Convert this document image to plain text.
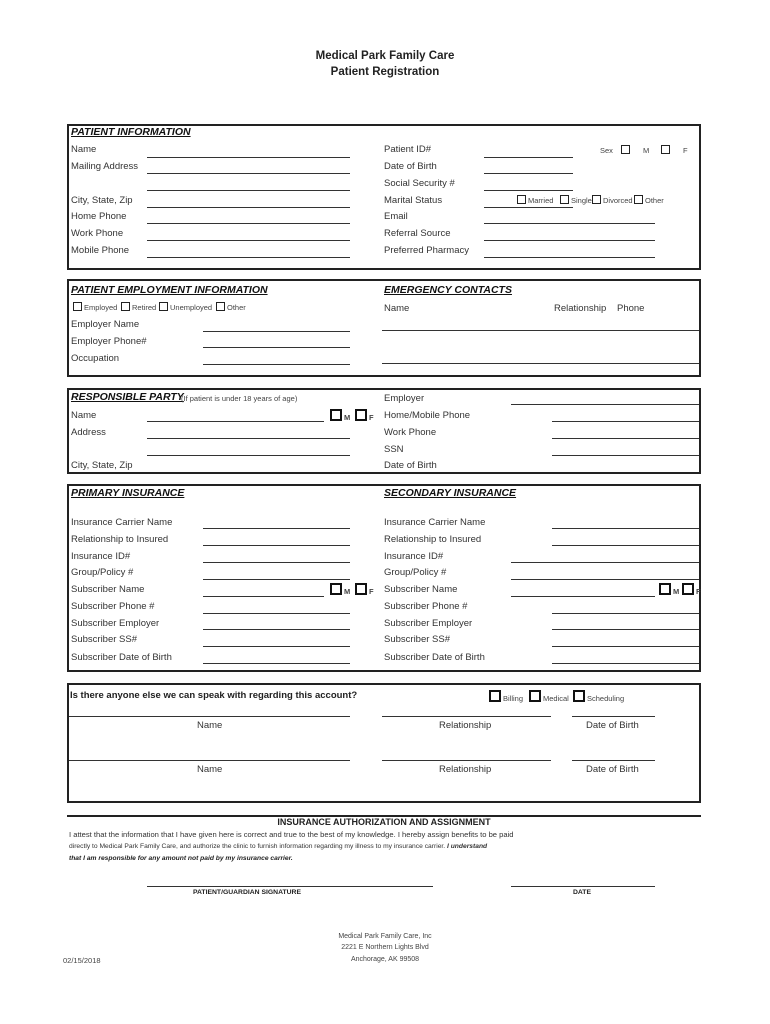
Medical Park Family Care
Patient Registration
PATIENT INFORMATION
Name
Mailing Address
City, State, Zip
Home Phone
Work Phone
Mobile Phone
Patient ID#	Sex	M	F
Date of Birth
Social Security #
Marital Status	Married	Single	Divorced	Other
Email
Referral Source
Preferred Pharmacy
PATIENT EMPLOYMENT INFORMATION
Employed	Retired	Unemployed	Other
Employer Name
Employer Phone#
Occupation
EMERGENCY CONTACTS
Name	Relationship Phone
RESPONSIBLE PARTY
(If patient is under 18 years of age)
Name	M	F
Address
City, State, Zip
Employer
Home/Mobile Phone
Work Phone
SSN
Date of Birth
PRIMARY INSURANCE	SECONDARY INSURANCE
Insurance Carrier Name
Relationship to Insured
Insurance ID#
Group/Policy #
Subscriber Name	M	F
Subscriber Phone #
Subscriber Employer
Subscriber SS#
Subscriber Date of Birth
Insurance Carrier Name
Relationship to Insured
Insurance ID#
Group/Policy #
Subscriber Name	M	F
Subscriber Phone #
Subscriber Employer
Subscriber SS#
Subscriber Date of Birth
Is there anyone else we can speak with regarding this account?	Billing	Medical	Scheduling
Name	Relationship	Date of Birth
Name	Relationship	Date of Birth
INSURANCE AUTHORIZATION AND ASSIGNMENT
I attest that the information that I have given here is correct and true to the best of my knowledge. I hereby assign benefits to be paid
directly to Medical Park Family Care, and authorize the clinic to furnish information regarding my illness to my insurance carrier. I understand
that I am responsible for any amount not paid by my insurance carrier.
PATIENT/GUARDIAN SIGNATURE	DATE
Medical Park Family Care, Inc
2221 E Northern Lights Blvd
Anchorage, AK 99508
02/15/2018
